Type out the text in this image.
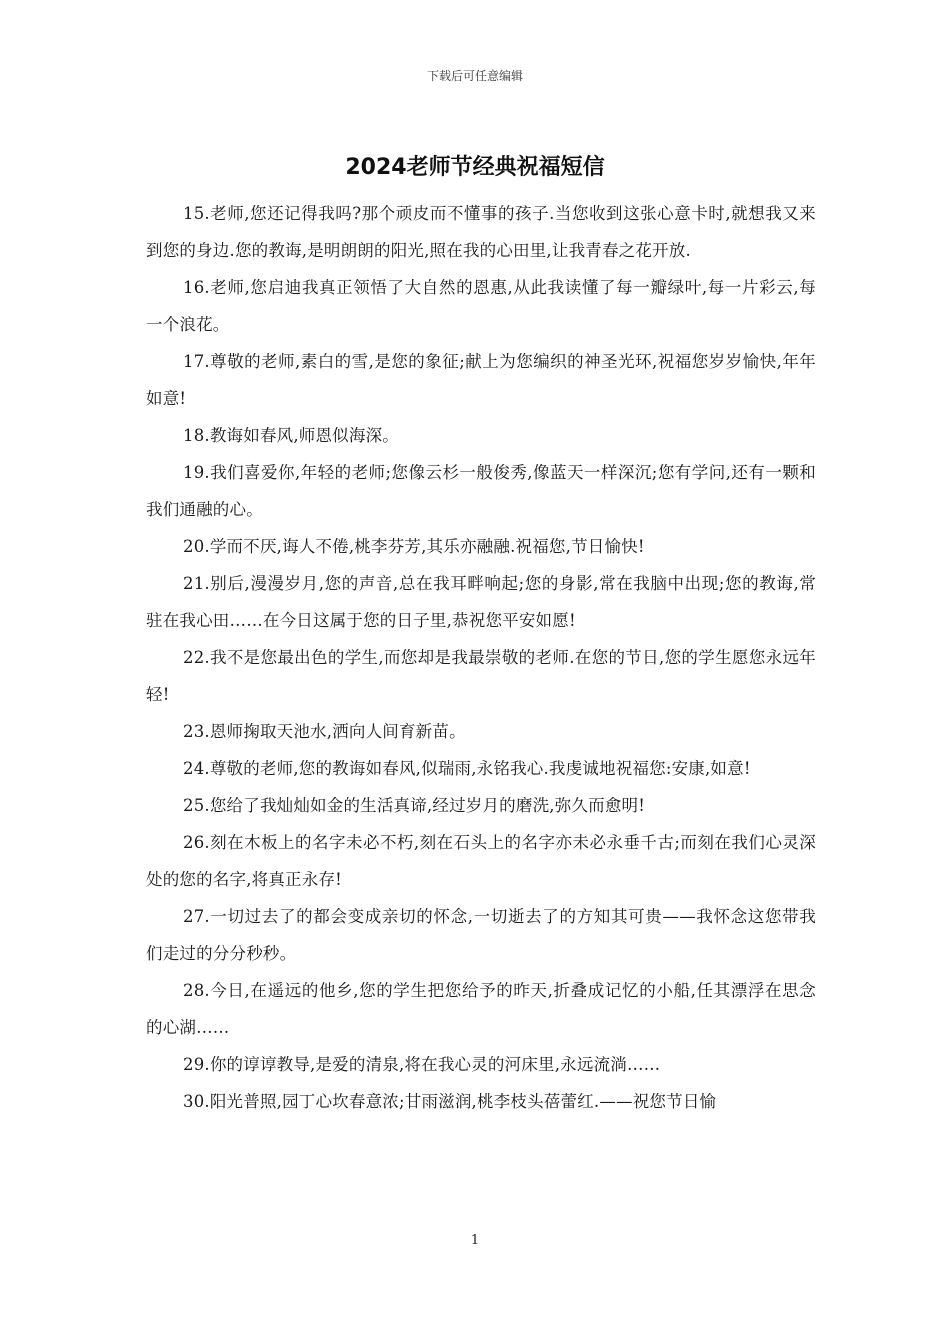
下载后可任意编辑
2024老师节经典祝福短信

15.老师,您还记得我吗?那个顽皮而不懂事的孩子.当您收到这张心意卡时,就想我又来到您的身边.您的教诲,是明朗朗的阳光,照在我的心田里,让我青春之花开放.

16.老师,您启迪我真正领悟了大自然的恩惠,从此我读懂了每一瓣绿叶,每一片彩云,每一个浪花。

17.尊敬的老师,素白的雪,是您的象征;献上为您编织的神圣光环,祝福您岁岁愉快,年年如意!

18.教诲如春风,师恩似海深。

19.我们喜爱你,年轻的老师;您像云杉一般俊秀,像蓝天一样深沉;您有学问,还有一颗和我们通融的心。

20.学而不厌,诲人不倦,桃李芬芳,其乐亦融融.祝福您,节日愉快!

21.别后,漫漫岁月,您的声音,总在我耳畔响起;您的身影,常在我脑中出现;您的教诲,常驻在我心田……在今日这属于您的日子里,恭祝您平安如愿!

22.我不是您最出色的学生,而您却是我最崇敬的老师.在您的节日,您的学生愿您永远年轻!

23.恩师掬取天池水,洒向人间育新苗。

24.尊敬的老师,您的教诲如春风,似瑞雨,永铭我心.我虔诚地祝福您:安康,如意!

25.您给了我灿灿如金的生活真谛,经过岁月的磨洗,弥久而愈明!

26.刻在木板上的名字未必不朽,刻在石头上的名字亦未必永垂千古;而刻在我们心灵深处的您的名字,将真正永存!

27.一切过去了的都会变成亲切的怀念,一切逝去了的方知其可贵——我怀念这您带我们走过的分分秒秒。

28.今日,在遥远的他乡,您的学生把您给予的昨天,折叠成记忆的小船,任其漂浮在思念的心湖……

29.你的谆谆教导,是爱的清泉,将在我心灵的河床里,永远流淌……

30.阳光普照,园丁心坎春意浓;甘雨滋润,桃李枝头蓓蕾红.——祝您节日愉

1
